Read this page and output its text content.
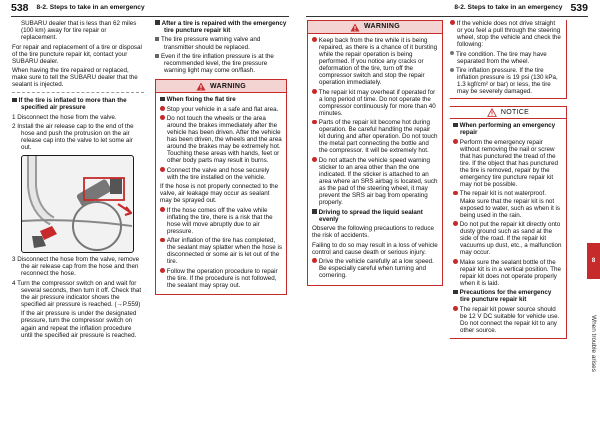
538 8-2. Steps to take in an emergency	8-2. Steps to take in an emergency 539

SUBARU dealer that is less than 62 miles (100 km) away for tire repair or replacement.

For repair and replacement of a tire or disposal of the tire puncture repair kit, contact your SUBARU dealer.

When having the tire repaired or replaced, make sure to tell the SUBARU dealer that the sealant is injected.

If the tire is inflated to more than the specified air pressure

1 Disconnect the hose from the valve.

2 Install the air release cap to the end of the hose and push the protrusion on the air release cap into the valve to let some air out.

3 Disconnect the hose from the valve, remove the air release cap from the hose and then reconnect the hose.

4 Turn the compressor switch on and wait for several seconds, then turn it off. Check that the air pressure indicator shows the specified air pressure is reached. (→P.559)

If the air pressure is under the designated pressure, turn the compressor switch on again and repeat the inflation procedure until the specified air pressure is reached.

After a tire is repaired with the emergency tire puncture repair kit

The tire pressure warning valve and transmitter should be replaced.

Even if the tire inflation pressure is at the recommended level, the tire pressure warning light may come on/flash.

WARNING

When fixing the flat tire

Stop your vehicle in a safe and flat area.

Do not touch the wheels or the area around the brakes immediately after the vehicle has been driven. After the vehicle has been driven, the wheels and the area around the brakes may be extremely hot. Touching these areas with hands, feet or other body parts may result in burns.

Connect the valve and hose securely with the tire installed on the vehicle.

If the hose is not properly connected to the valve, air leakage may occur as sealant may be sprayed out.

If the hose comes off the valve while inflating the tire, there is a risk that the hose will move abruptly due to air pressure.

After inflation of the tire has completed, the sealant may splatter when the hose is disconnected or some air is let out of the tire.

Follow the operation procedure to repair the tire. If the procedure is not followed, the sealant may spray out.

WARNING

Keep back from the tire while it is being repaired, as there is a chance of it bursting while the repair operation is being performed. If you notice any cracks or deformation of the tire, turn off the compressor switch and stop the repair operation immediately.

The repair kit may overheat if operated for a long period of time. Do not operate the compressor continuously for more than 40 minutes.

Parts of the repair kit become hot during operation. Be careful handling the repair kit during and after operation. Do not touch the metal part connecting the bottle and the compressor. It will be extremely hot.

Do not attach the vehicle speed warning sticker to an area other than the one indicated. If the sticker is attached to an area where an SRS airbag is located, such as the pad of the steering wheel, it may prevent the SRS air bag from operating properly.

Driving to spread the liquid sealant evenly

Observe the following precautions to reduce the risk of accidents.

Failing to do so may result in a loss of vehicle control and cause death or serious injury.

Drive the vehicle carefully at a low speed. Be especially careful when turning and cornering.

If the vehicle does not drive straight or you feel a pull through the steering wheel, stop the vehicle and check the following:

Tire condition. The tire may have separated from the wheel.

Tire inflation pressure. If the tire inflation pressure is 19 psi (130 kPa, 1.3 kgf/cm² or bar) or less, the tire may be severely damaged.

NOTICE

When performing an emergency repair

Perform the emergency repair without removing the nail or screw that has punctured the tread of the tire. If the object that has punctured the tire is removed, repair by the emergency tire puncture repair kit may not be possible.

The repair kit is not waterproof. Make sure that the repair kit is not exposed to water, such as when it is being used in the rain.

Do not put the repair kit directly onto dusty ground such as sand at the side of the road. If the repair kit vacuums up dust, etc., a malfunction may occur.

Make sure the sealant bottle of the repair kit is in a vertical position. The repair kit does not operate properly when it is laid.

Precautions for the emergency tire puncture repair kit

The repair kit power source should be 12 V DC suitable for vehicle use. Do not connect the repair kit to any other source.

8
When trouble arises
